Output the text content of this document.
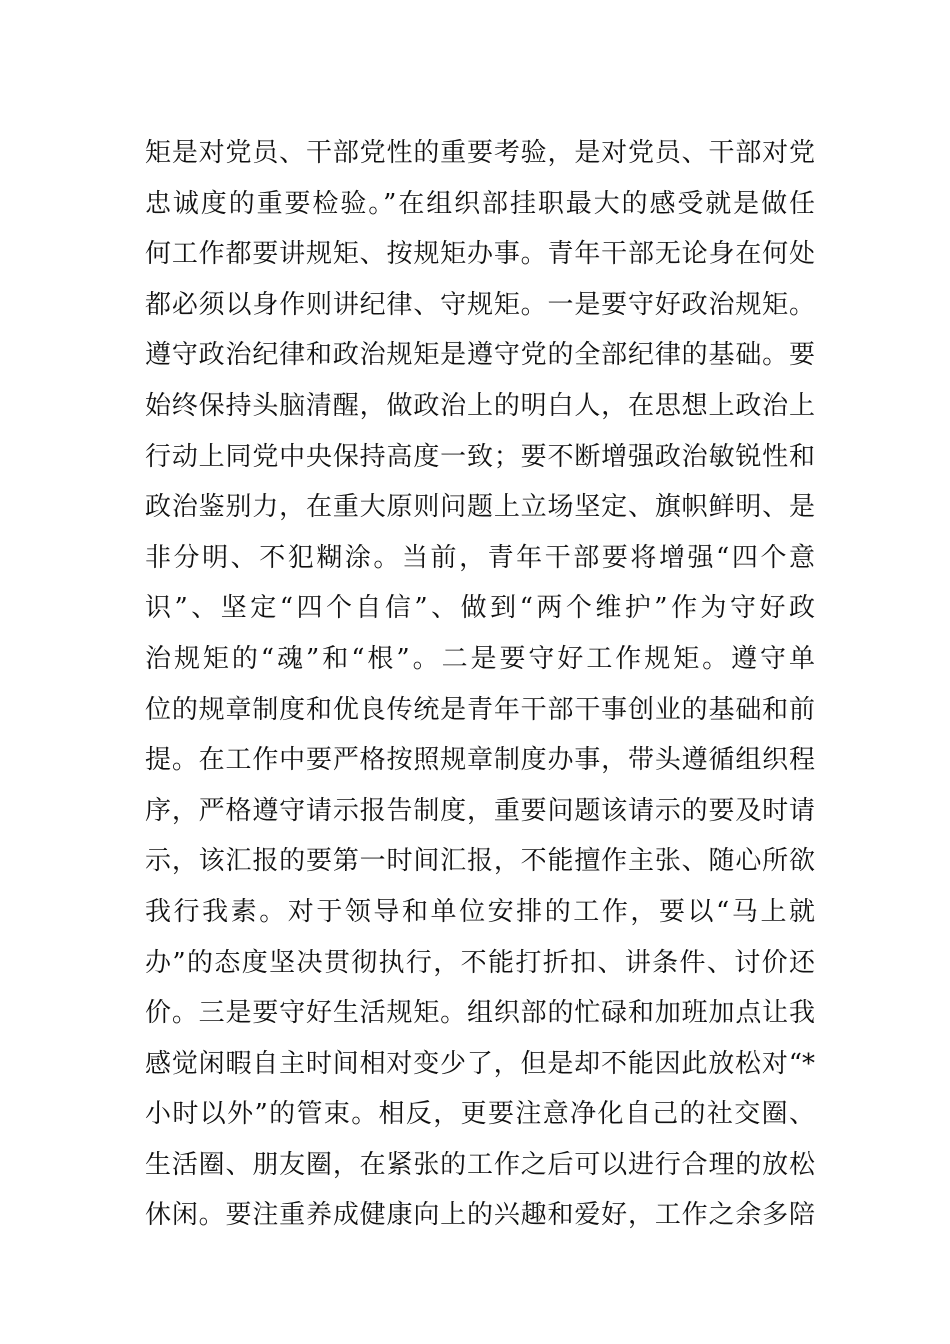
矩是对党员、干部党性的重要考验，是对党员、干部对党
忠诚度的重要检验。”在组织部挂职最大的感受就是做任
何工作都要讲规矩、按规矩办事。青年干部无论身在何处
都必须以身作则讲纪律、守规矩。一是要守好政治规矩。
遵守政治纪律和政治规矩是遵守党的全部纪律的基础。要
始终保持头脑清醒，做政治上的明白人，在思想上政治上
行动上同党中央保持高度一致；要不断增强政治敏锐性和
政治鉴别力，在重大原则问题上立场坚定、旗帜鲜明、是
非分明、不犯糊涂。当前，青年干部要将增强“四个意
识”、坚定“四个自信”、做到“两个维护”作为守好政
治规矩的“魂”和“根”。二是要守好工作规矩。遵守单
位的规章制度和优良传统是青年干部干事创业的基础和前
提。在工作中要严格按照规章制度办事，带头遵循组织程
序，严格遵守请示报告制度，重要问题该请示的要及时请
示，该汇报的要第一时间汇报，不能擅作主张、随心所欲
我行我素。对于领导和单位安排的工作，要以“马上就
办”的态度坚决贯彻执行，不能打折扣、讲条件、讨价还
价。三是要守好生活规矩。组织部的忙碌和加班加点让我
感觉闲暇自主时间相对变少了，但是却不能因此放松对“*
小时以外”的管束。相反，更要注意净化自己的社交圈、
生活圈、朋友圈，在紧张的工作之后可以进行合理的放松
休闲。要注重养成健康向上的兴趣和爱好，工作之余多陪
